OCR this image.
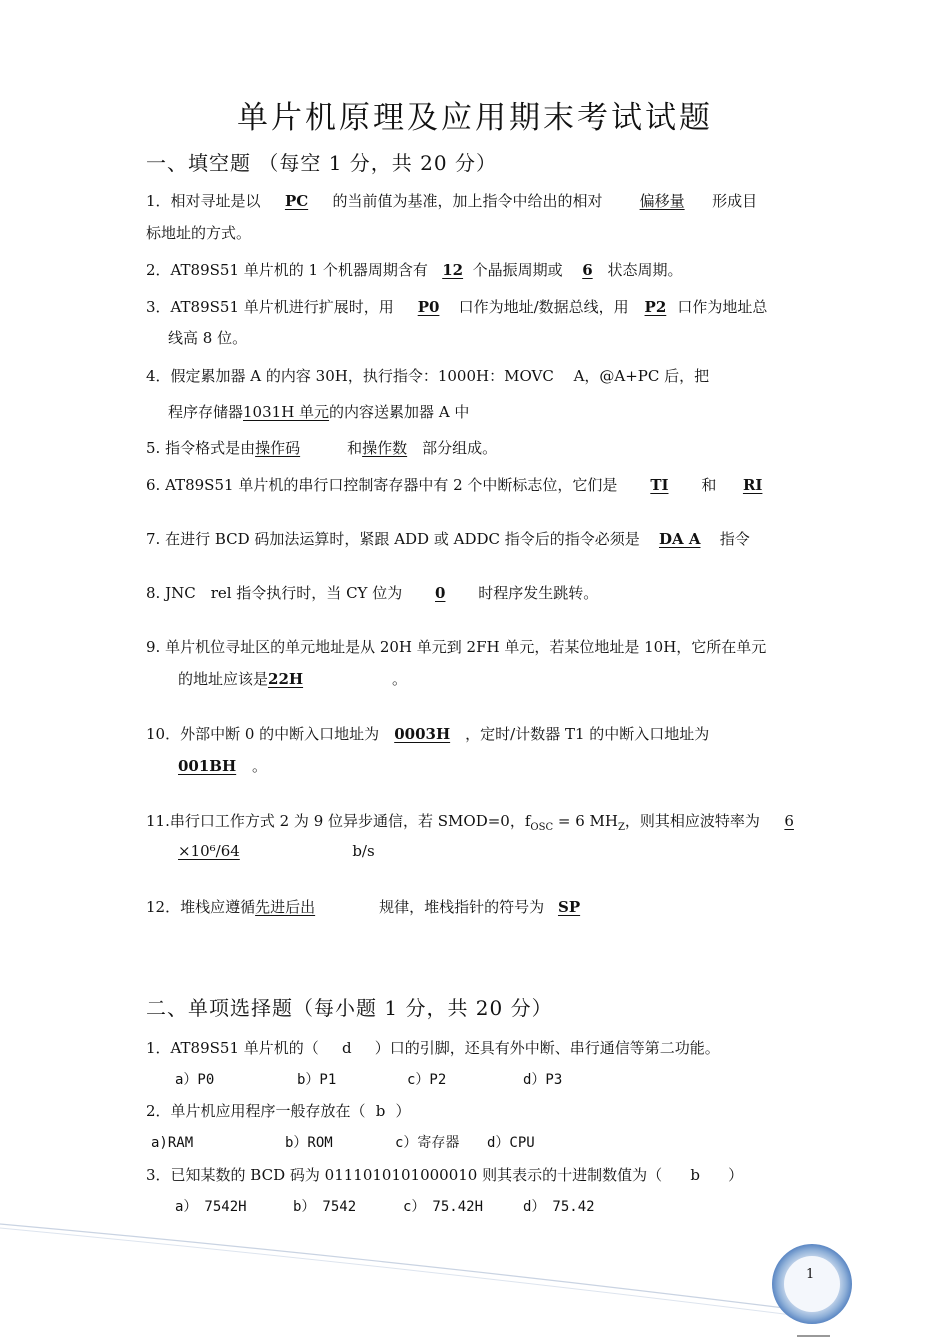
单片机原理及应用期末考试试题
一、填空题 （每空 1 分，共 20 分）
1．相对寻址是以 PC 的当前值为基准，加上指令中给出的相对 偏移量 形成目
标地址的方式。
2．AT89S51 单片机的 1 个机器周期含有 12 个晶振周期或 6 状态周期。
3．AT89S51 单片机进行扩展时，用 P0 口作为地址/数据总线，用 P2 口作为地址总
线高 8 位。
4．假定累加器 A 的内容 30H，执行指令：1000H：MOVC　 A，@A+PC 后，把
程序存储器1031H 单元的内容送累加器 A 中
5. 指令格式是由操作码	和操作数 部分组成。
6. AT89S51 单片机的串行口控制寄存器中有 2 个中断标志位，它们是 TI 和 RI
7. 在进行 BCD 码加法运算时，紧跟 ADD 或 ADDC 指令后的指令必须是 DA A 指令
8. JNC　rel 指令执行时，当 CY 位为 0 时程序发生跳转。
9. 单片机位寻址区的单元地址是从 20H 单元到 2FH 单元，若某位地址是 10H，它所在单元
的地址应该是22H	。
10．外部中断 0 的中断入口地址为 0003H ，定时/计数器 T1 的中断入口地址为
001BH 。
11.串行口工作方式 2 为 9 位异步通信，若 SMOD=0，$f_{OSC} = 6$ $MH_Z$，则其相应波特率为 6
×10⁶/64	b/s
12．堆栈应遵循先进后出	规律，堆栈指针的符号为 SP
二、单项选择题（每小题 1 分，共 20 分）
1．AT89S51 单片机的（ d ）口的引脚，还具有外中断、串行通信等第二功能。
a）P0	b）P1	c）P2	d）P3
2．单片机应用程序一般存放在（ b ）
a)RAM	b）ROM	c）寄存器 d）CPU
3．已知某数的 BCD 码为 0111010101000010 则其表示的十进制数值为（ b ）
a）　7542H	b）　7542	c）　75.42H	d）　75.42
1
